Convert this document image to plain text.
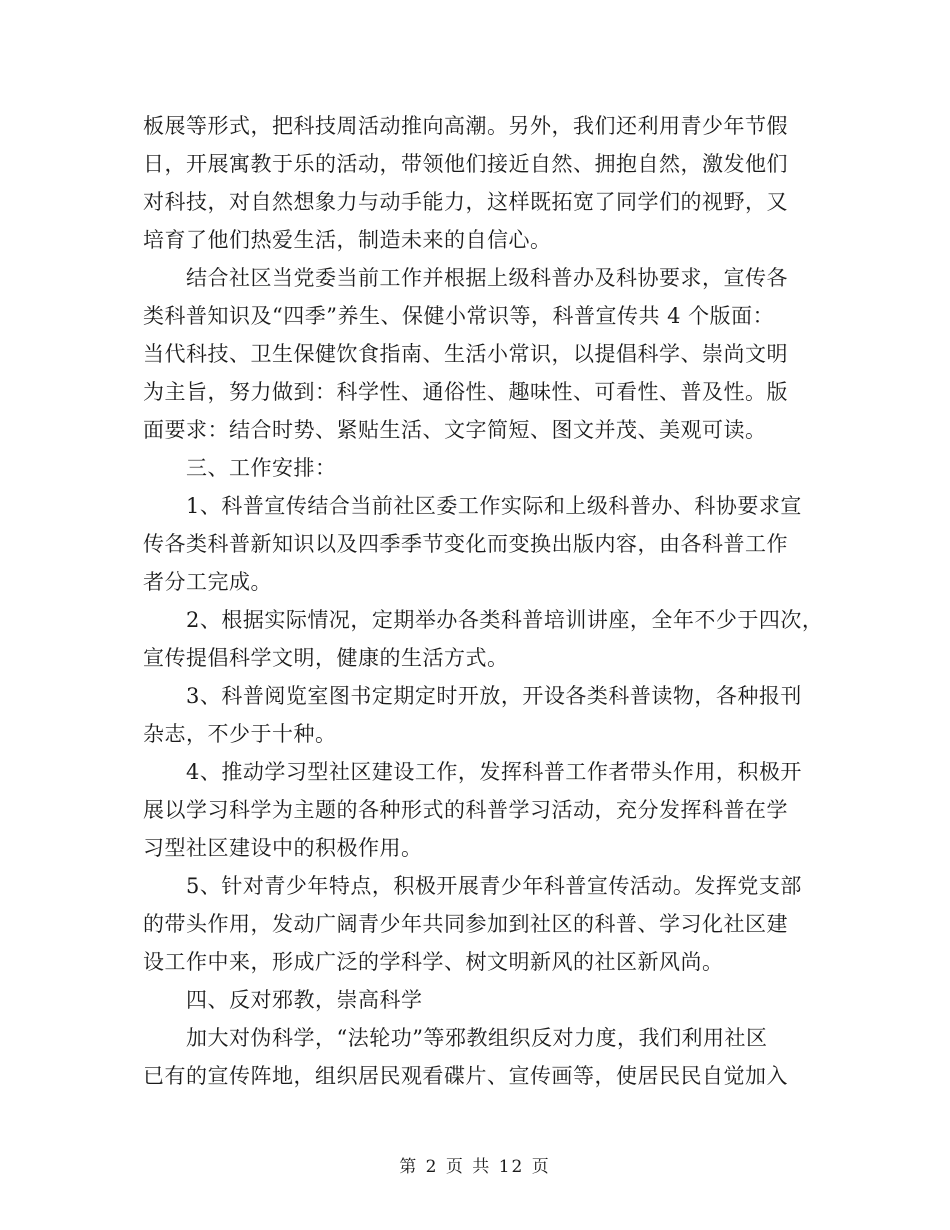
板展等形式，把科技周活动推向高潮。另外，我们还利用青少年节假
日，开展寓教于乐的活动，带领他们接近自然、拥抱自然，激发他们
对科技，对自然想象力与动手能力，这样既拓宽了同学们的视野，又
培育了他们热爱生活，制造未来的自信心。
　　结合社区当党委当前工作并根据上级科普办及科协要求，宣传各
类科普知识及“四季”养生、保健小常识等，科普宣传共 4 个版面：
当代科技、卫生保健饮食指南、生活小常识，以提倡科学、崇尚文明
为主旨，努力做到：科学性、通俗性、趣味性、可看性、普及性。版
面要求：结合时势、紧贴生活、文字简短、图文并茂、美观可读。
　　三、工作安排：
　　1、科普宣传结合当前社区委工作实际和上级科普办、科协要求宣
传各类科普新知识以及四季季节变化而变换出版内容，由各科普工作
者分工完成。
　　2、根据实际情况，定期举办各类科普培训讲座，全年不少于四次，
宣传提倡科学文明，健康的生活方式。
　　3、科普阅览室图书定期定时开放，开设各类科普读物，各种报刊
杂志，不少于十种。
　　4、推动学习型社区建设工作，发挥科普工作者带头作用，积极开
展以学习科学为主题的各种形式的科普学习活动，充分发挥科普在学
习型社区建设中的积极作用。
　　5、针对青少年特点，积极开展青少年科普宣传活动。发挥党支部
的带头作用，发动广阔青少年共同参加到社区的科普、学习化社区建
设工作中来，形成广泛的学科学、树文明新风的社区新风尚。
　　四、反对邪教，崇高科学
　　加大对伪科学，“法轮功”等邪教组织反对力度，我们利用社区
已有的宣传阵地，组织居民观看碟片、宣传画等，使居民民自觉加入
第 2 页 共 12 页
